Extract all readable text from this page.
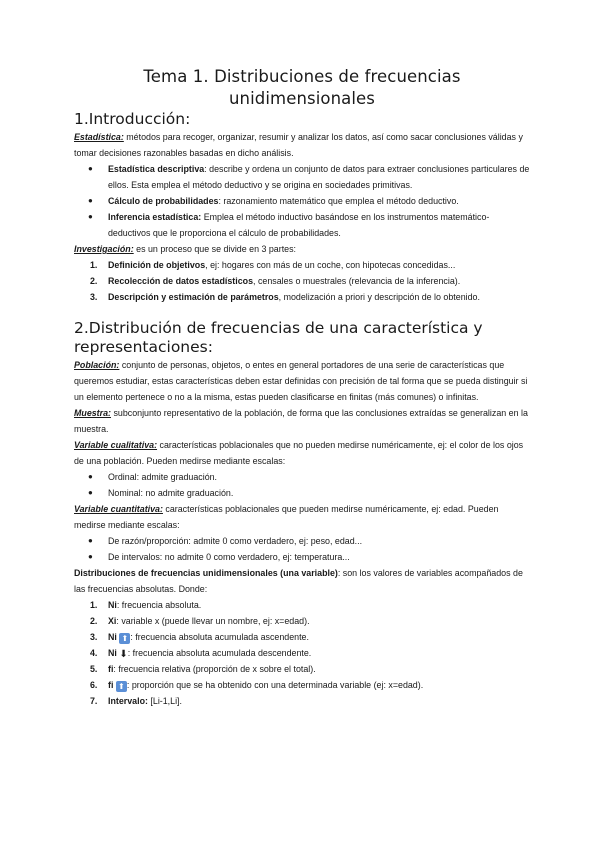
Tema 1. Distribuciones de frecuencias unidimensionales
1.Introducción:

Estadística: métodos para recoger, organizar, resumir y analizar los datos, así como sacar conclusiones válidas y tomar decisiones razonables basadas en dicho análisis.

● Estadística descriptiva: describe y ordena un conjunto de datos para extraer conclusiones particulares de ellos. Esta emplea el método deductivo y se origina en sociedades primitivas.
● Cálculo de probabilidades: razonamiento matemático que emplea el método deductivo.
● Inferencia estadística: Emplea el método inductivo basándose en los instrumentos matemático-deductivos que le proporciona el cálculo de probabilidades.

Investigación: es un proceso que se divide en 3 partes:

1. Definición de objetivos, ej: hogares con más de un coche, con hipotecas concedidas...
2. Recolección de datos estadísticos, censales o muestrales (relevancia de la inferencia).
3. Descripción y estimación de parámetros, modelización a priori y descripción de lo obtenido.
2.Distribución de frecuencias de una característica y representaciones:

Población: conjunto de personas, objetos, o entes en general portadores de una serie de características que queremos estudiar, estas características deben estar definidas con precisión de tal forma que se pueda distinguir si un elemento pertenece o no a la misma, estas pueden clasificarse en finitas (más comunes) o infinitas.

Muestra: subconjunto representativo de la población, de forma que las conclusiones extraídas se generalizan en la muestra.

Variable cualitativa: características poblacionales que no pueden medirse numéricamente, ej: el color de los ojos de una población. Pueden medirse mediante escalas:

● Ordinal: admite graduación.
● Nominal: no admite graduación.

Variable cuantitativa: características poblacionales que pueden medirse numéricamente, ej: edad. Pueden medirse mediante escalas:

● De razón/proporción: admite 0 como verdadero, ej: peso, edad...
● De intervalos: no admite 0 como verdadero, ej: temperatura...

Distribuciones de frecuencias unidimensionales (una variable): son los valores de variables acompañados de las frecuencias absolutas. Donde:

1. Ni: frecuencia absoluta.
2. Xi: variable x (puede llevar un nombre, ej: x=edad).
3. Ni ⬆ : frecuencia absoluta acumulada ascendente.
4. Ni ⬇: frecuencia absoluta acumulada descendente.
5. fi: frecuencia relativa (proporción de x sobre el total).
6. fi ⬆ : proporción que se ha obtenido con una determinada variable (ej: x=edad).
7. Intervalo: [Li-1,Li].
